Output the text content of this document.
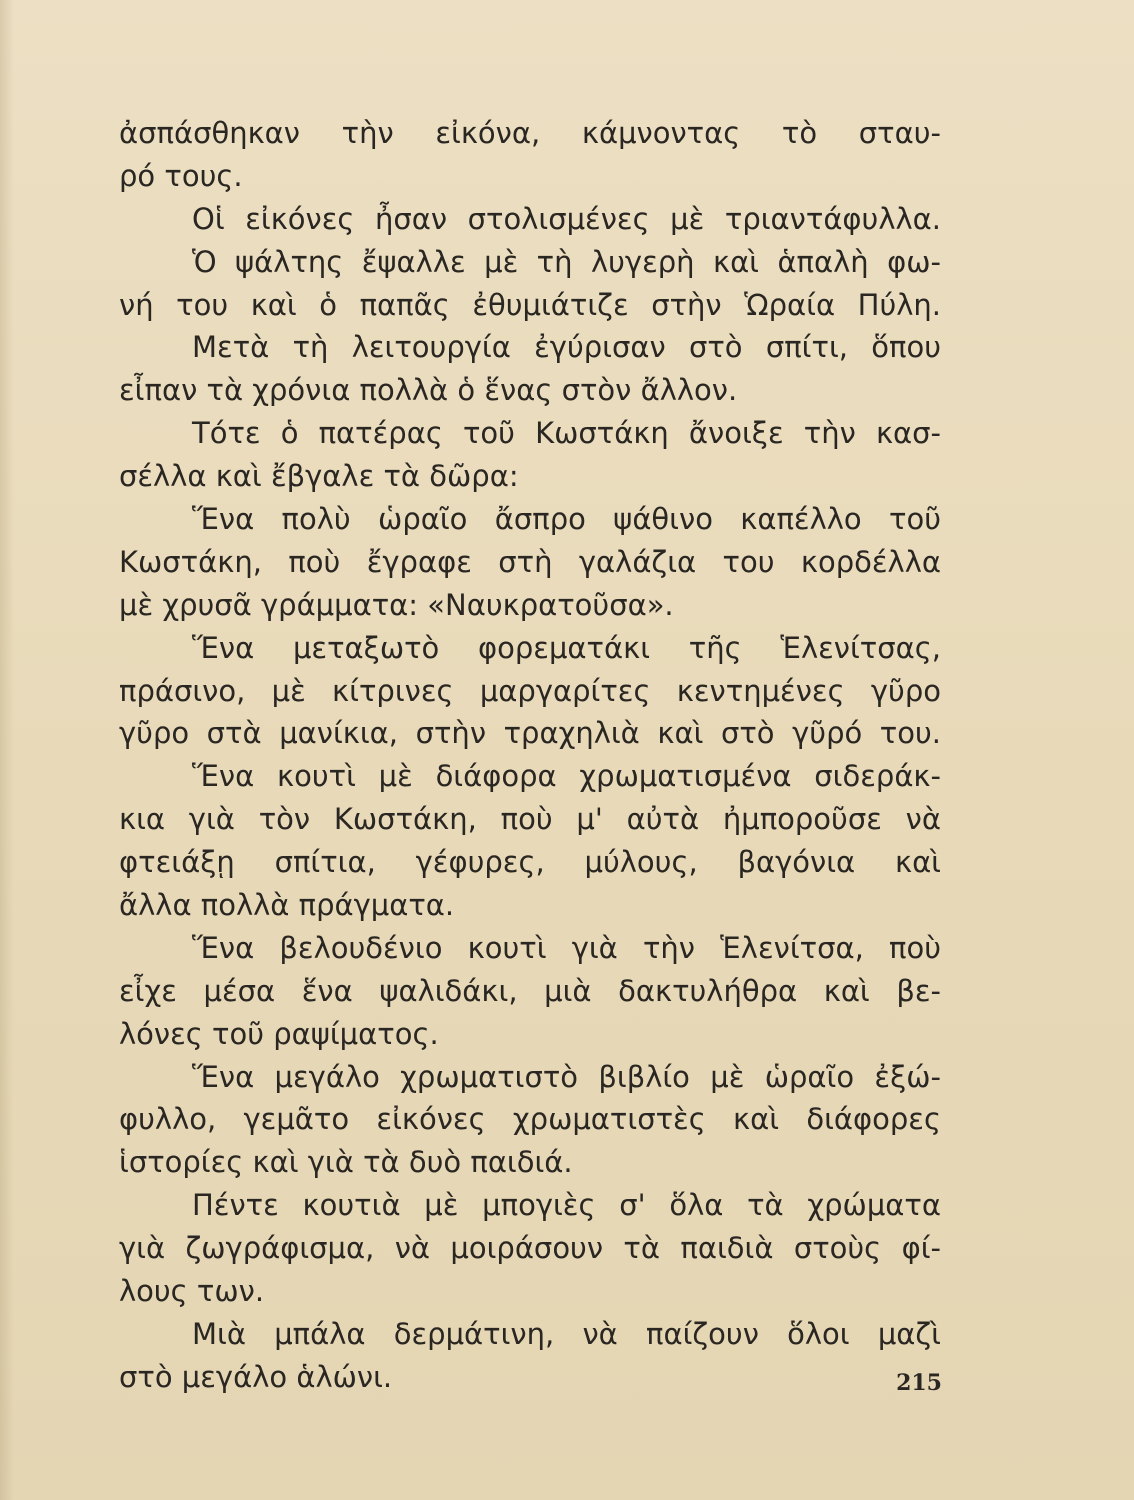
ἀσπάσθηκαν τὴν εἰκόνα, κάμνοντας τὸ σταυ-
ρό τους.
Οἱ εἰκόνες ἦσαν στολισμένες μὲ τριαντάφυλλα.
Ὁ ψάλτης ἔψαλλε μὲ τὴ λυγερὴ καὶ ἁπαλὴ φω-
νή του καὶ ὁ παπᾶς ἐθυμιάτιζε στὴν Ὡραία Πύλη.
Μετὰ τὴ λειτουργία ἐγύρισαν στὸ σπίτι, ὅπου
εἶπαν τὰ χρόνια πολλὰ ὁ ἕνας στὸν ἄλλον.
Τότε ὁ πατέρας τοῦ Κωστάκη ἄνοιξε τὴν κασ-
σέλλα καὶ ἔβγαλε τὰ δῶρα:
Ἕνα πολὺ ὡραῖο ἄσπρο ψάθινο καπέλλο τοῦ
Κωστάκη, ποὺ ἔγραφε στὴ γαλάζια του κορδέλλα
μὲ χρυσᾶ γράμματα: «Ναυκρατοῦσα».
Ἕνα μεταξωτὸ φορεματάκι τῆς Ἑλενίτσας,
πράσινο, μὲ κίτρινες μαργαρίτες κεντημένες γῦρο
γῦρο στὰ μανίκια, στὴν τραχηλιὰ καὶ στὸ γῦρό του.
Ἕνα κουτὶ μὲ διάφορα χρωματισμένα σιδεράκ-
κια γιὰ τὸν Κωστάκη, ποὺ μ' αὐτὰ ἠμποροῦσε νὰ
φτειάξῃ σπίτια, γέφυρες, μύλους, βαγόνια καὶ
ἄλλα πολλὰ πράγματα.
Ἕνα βελουδένιο κουτὶ γιὰ τὴν Ἑλενίτσα, ποὺ
εἶχε μέσα ἕνα ψαλιδάκι, μιὰ δακτυλήθρα καὶ βε-
λόνες τοῦ ραψίματος.
Ἕνα μεγάλο χρωματιστὸ βιβλίο μὲ ὡραῖο ἐξώ-
φυλλο, γεμᾶτο εἰκόνες χρωματιστὲς καὶ διάφορες
ἱστορίες καὶ γιὰ τὰ δυὸ παιδιά.
Πέντε κουτιὰ μὲ μπογιὲς σ' ὅλα τὰ χρώματα
γιὰ ζωγράφισμα, νὰ μοιράσουν τὰ παιδιὰ στοὺς φί-
λους των.
Μιὰ μπάλα δερμάτινη, νὰ παίζουν ὅλοι μαζὶ
στὸ μεγάλο ἁλώνι.	215
